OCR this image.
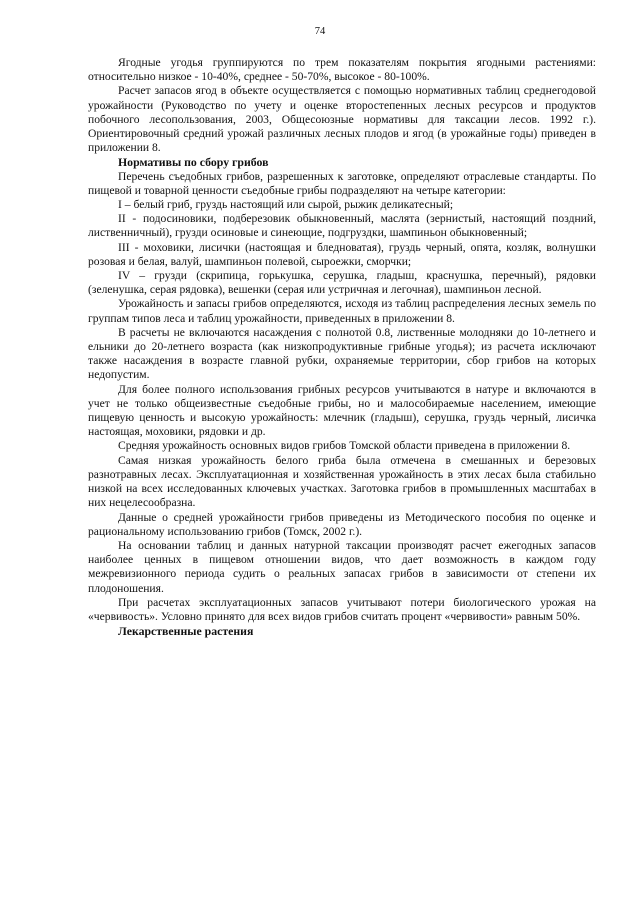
74

Ягодные угодья группируются по трем показателям покрытия ягодными растениями: относительно низкое - 10-40%, среднее - 50-70%, высокое - 80-100%.

Расчет запасов ягод в объекте осуществляется с помощью нормативных таблиц среднегодовой урожайности (Руководство по учету и оценке второстепенных лесных ресурсов и продуктов побочного лесопользования, 2003, Общесоюзные нормативы для таксации лесов. 1992 г.). Ориентировочный средний урожай различных лесных плодов и ягод (в урожайные годы) приведен в приложении 8.

Нормативы по сбору грибов

Перечень съедобных грибов, разрешенных к заготовке, определяют отраслевые стандарты. По пищевой и товарной ценности съедобные грибы подразделяют на четыре категории:

I – белый гриб, груздь настоящий или сырой, рыжик деликатесный;

II - подосиновики, подберезовик обыкновенный, маслята (зернистый, настоящий поздний, лиственничный), грузди осиновые и синеющие, подгруздки, шампиньон обыкновенный;

III - моховики, лисички (настоящая и бледноватая), груздь черный, опята, козляк, волнушки розовая и белая, валуй, шампиньон полевой, сыроежки, сморчки;

IV – грузди (скрипица, горькушка, серушка, гладыш, краснушка, перечный), рядовки (зеленушка, серая рядовка), вешенки (серая или устричная и легочная), шампиньон лесной.

Урожайность и запасы грибов определяются, исходя из таблиц распределения лесных земель по группам типов леса и таблиц урожайности, приведенных в приложении 8.

В расчеты не включаются насаждения с полнотой 0.8, лиственные молодняки до 10-летнего и ельники до 20-летнего возраста (как низкопродуктивные грибные угодья); из расчета исключают также насаждения в возрасте главной рубки, охраняемые территории, сбор грибов на которых недопустим.

Для более полного использования грибных ресурсов учитываются в натуре и включаются в учет не только общеизвестные съедобные грибы, но и малособираемые населением, имеющие пищевую ценность и высокую урожайность: млечник (гладыш), серушка, груздь черный, лисичка настоящая, моховики, рядовки и др.

Средняя урожайность основных видов грибов Томской области приведена в приложении 8.

Самая низкая урожайность белого гриба была отмечена в смешанных и березовых разнотравных лесах. Эксплуатационная и хозяйственная урожайность в этих лесах была стабильно низкой на всех исследованных ключевых участках. Заготовка грибов в промышленных масштабах в них нецелесообразна.

Данные о средней урожайности грибов приведены из Методического пособия по оценке и рациональному использованию грибов (Томск, 2002 г.).

На основании таблиц и данных натурной таксации производят расчет ежегодных запасов наиболее ценных в пищевом отношении видов, что дает возможность в каждом году межревизионного периода судить о реальных запасах грибов в зависимости от степени их плодоношения.

При расчетах эксплуатационных запасов учитывают потери биологического урожая на «червивость». Условно принято для всех видов грибов считать процент «червивости» равным 50%.

Лекарственные растения
